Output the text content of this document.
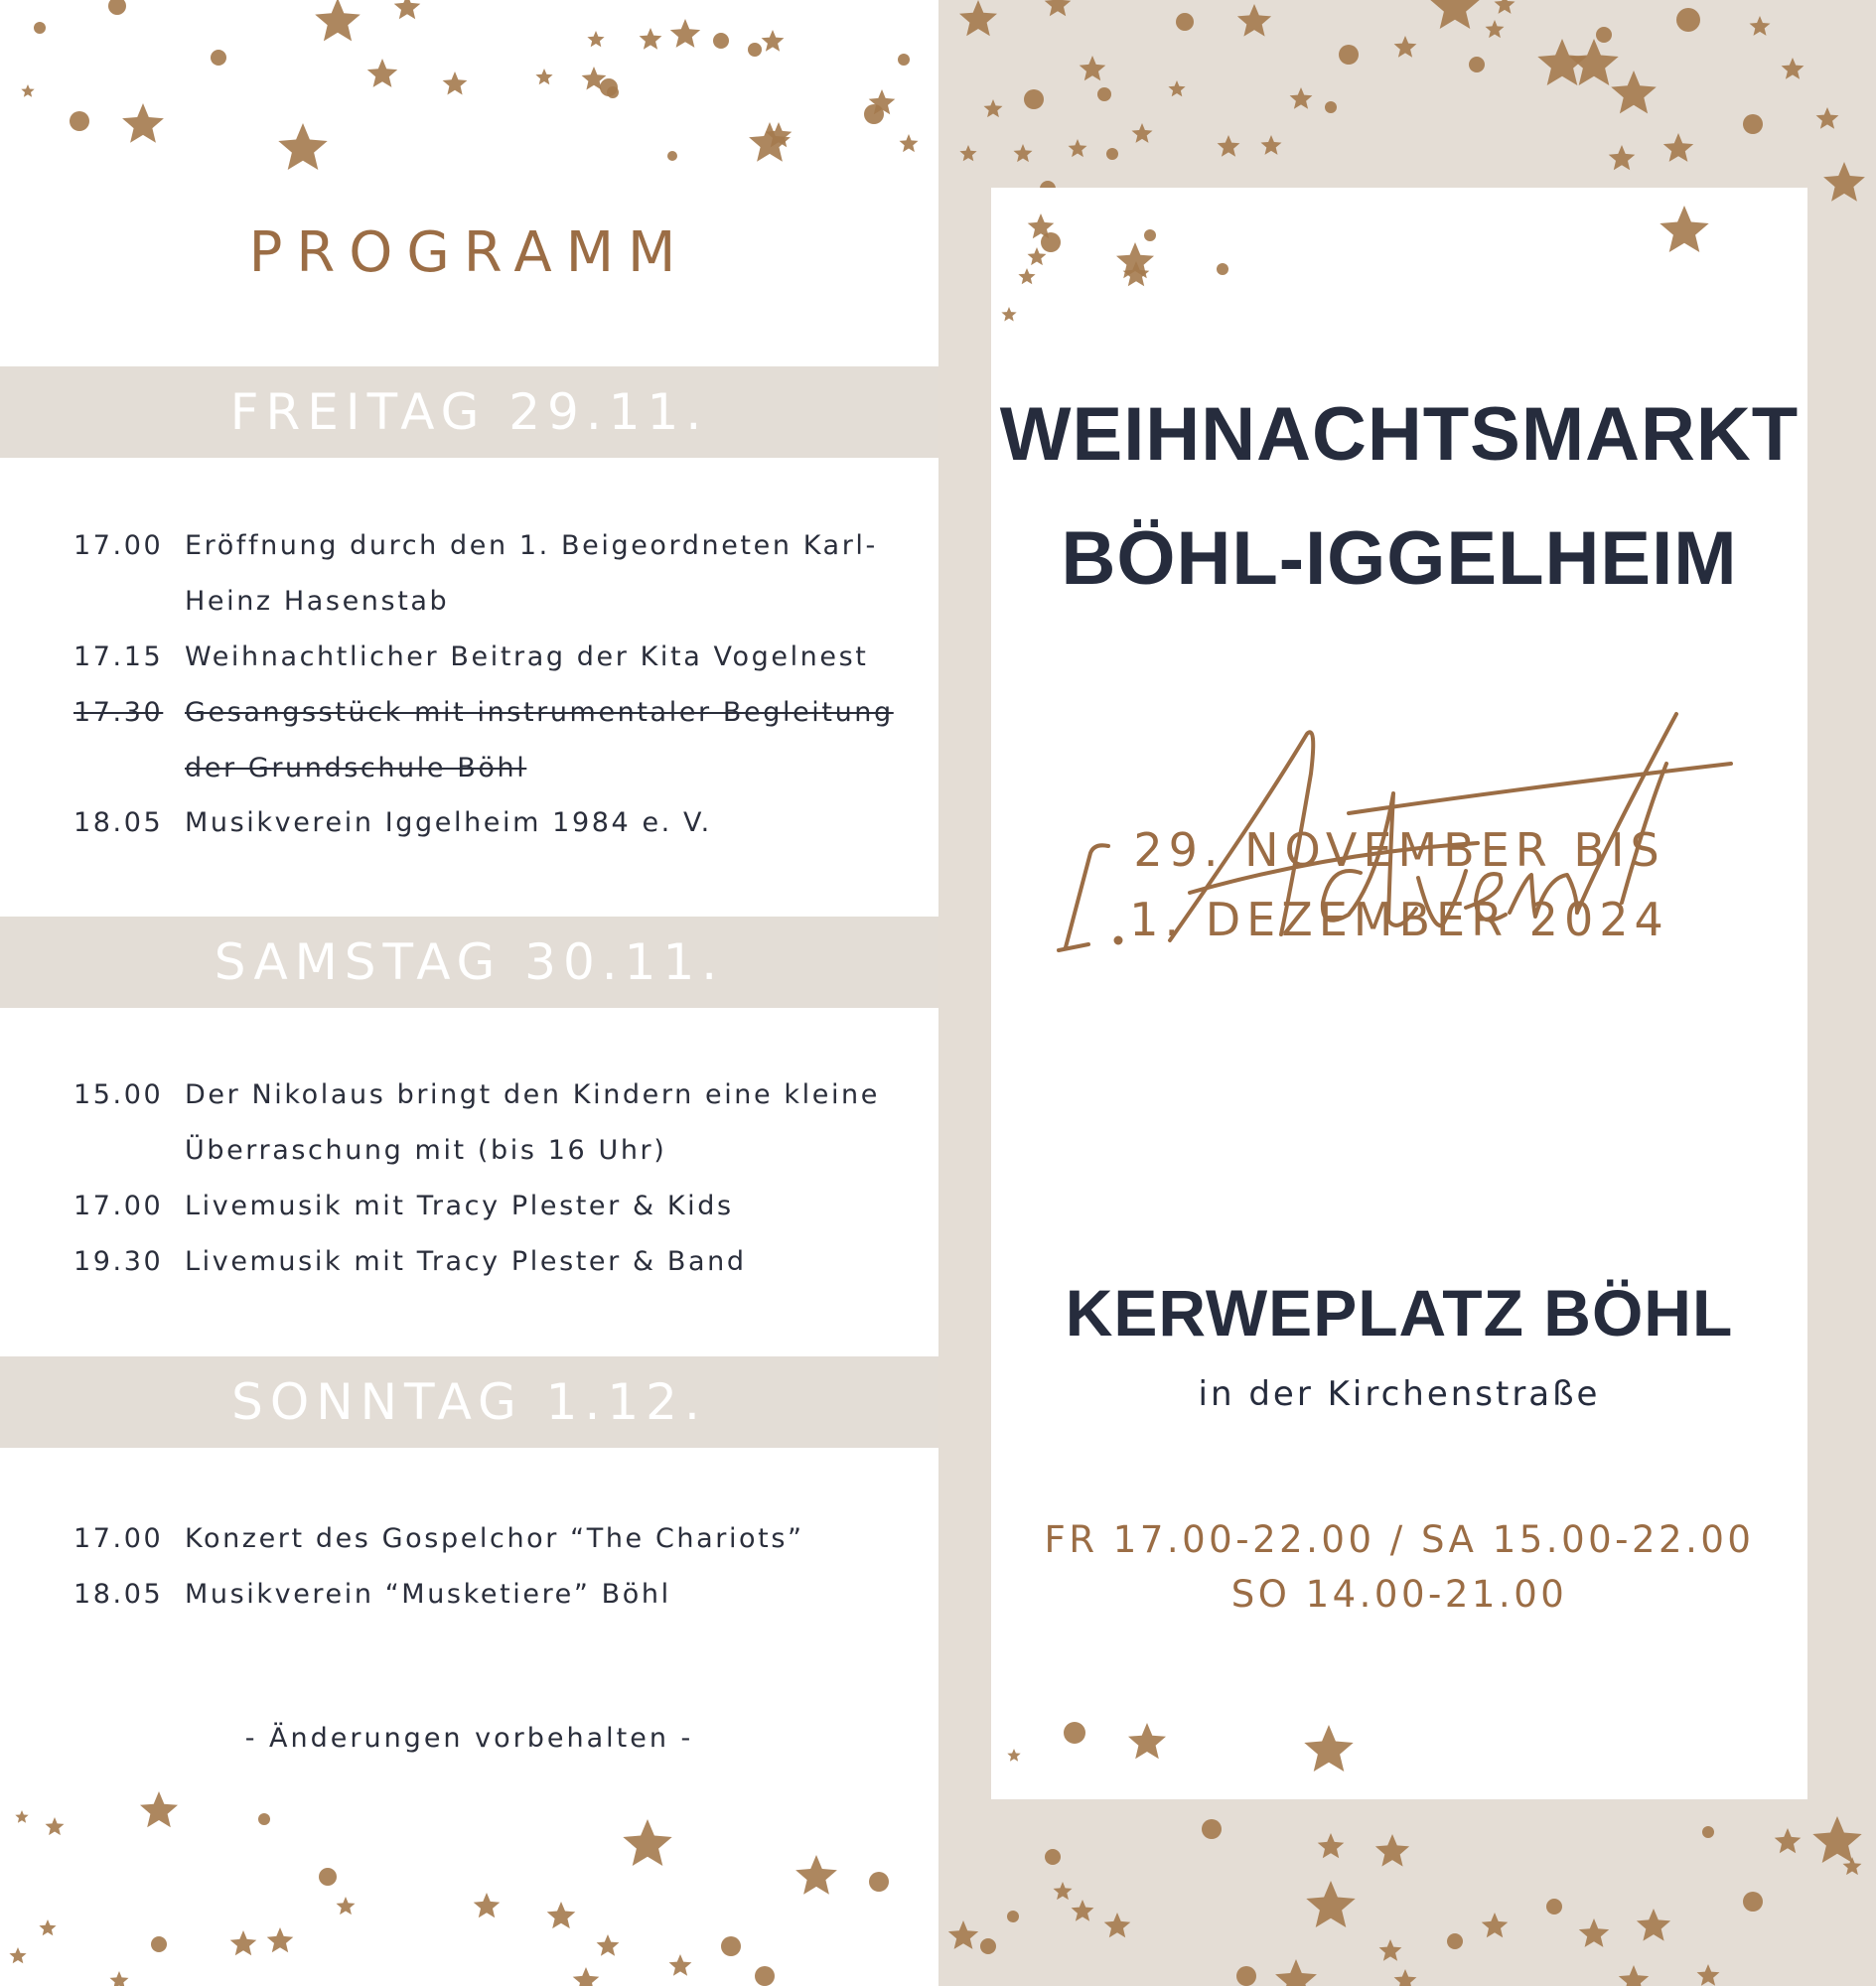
PROGRAMM
FREITAG 29.11.
17.00 Eröffnung durch den 1. Beigeordneten Karl-
Heinz Hasenstab
17.15 Weihnachtlicher Beitrag der Kita Vogelnest
17.30 Gesangsstück mit instrumentaler Begleitung
der Grundschule Böhl
18.05 Musikverein Iggelheim 1984 e. V.
SAMSTAG 30.11.
15.00 Der Nikolaus bringt den Kindern eine kleine
Überraschung mit (bis 16 Uhr)
17.00 Livemusik mit Tracy Plester & Kids
19.30 Livemusik mit Tracy Plester & Band
SONNTAG 1.12.
17.00 Konzert des Gospelchor “The Chariots”
18.05 Musikverein “Musketiere” Böhl
- Änderungen vorbehalten -
WEIHNACHTSMARKT
BÖHL-IGGELHEIM
29. NOVEMBER BIS
1. DEZEMBER 2024
KERWEPLATZ BÖHL
in der Kirchenstraße
FR 17.00-22.00 / SA 15.00-22.00
SO 14.00-21.00
